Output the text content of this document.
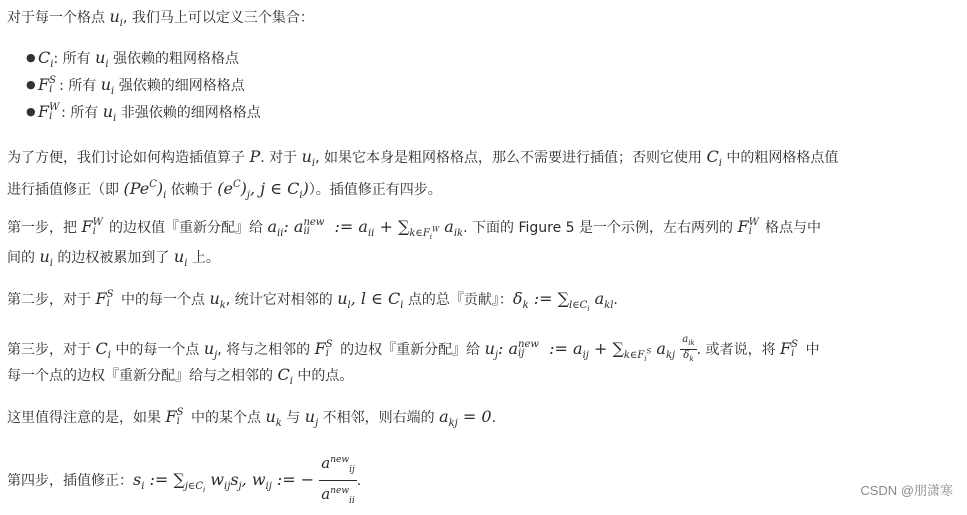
对于每一个格点 $u_i$, 我们马上可以定义三个集合：
● $C_i$: 所有 $u_i$ 强依赖的粗网格格点
● F S
i : 所有 $u_i$ 强依赖的细网格格点
● F W
i : 所有 $u_i$ 非强依赖的细网格格点
为了方便，我们讨论如何构造插值算子 P. 对于 $u_i$, 如果它本身是粗网格格点，那么不需要进行插值；否则它使用 $C_i$ 中的粗网格格点值
进行插值修正（即 $(Pe^C)_i$ 依赖于 $(e^C)_j$, j ∈ $C_i$)）。插值修正有四步。
第一步，把 F W
i 的边权值『重新分配』给 $a_{ii}$: a new
ii	:= $a_{ii} + \sum_{k\in F_i^W}$ $a_{ik}$. 下面的 Figure 5 是一个示例，左右两列的 F W
i 格点与中
间的 $u_i$ 的边权被累加到了 $u_i$ 上。
第二步，对于 F S
i 中的每一个点 $u_k$, 统计它对相邻的 $u_l$, l ∈ $C_i$ 点的总『贡献』：$\delta_k$ := $\sum_{l\in C_i}$ $a_{kl}$.
第三步，对于 $C_i$ 中的每一个点 $u_j$, 将与之相邻的 F S
i 的边权『重新分配』给 $u_j$: a new
ij	:= $a_{ij} + \sum_{k\in F_i^S}$ $a_{kj} \frac{a_{ik}}{\delta_k}$ . 或者说，将 F S
i 中
每一个点的边权『重新分配』给与之相邻的 $C_i$ 中的点。
这里值得注意的是，如果 F S
i 中的某个点 $u_k$ 与 $u_j$ 不相邻，则右端的 $a_{kj} = 0$.
第四步，插值修正：$s_i$ := $\sum_{j\in C_i}$ $w_{ij}s_j$, $w_{ij}$ := − $\frac{a^{new}_{ij}}{a^{new}_{ii}}$ .
CSDN @朋潇寒
